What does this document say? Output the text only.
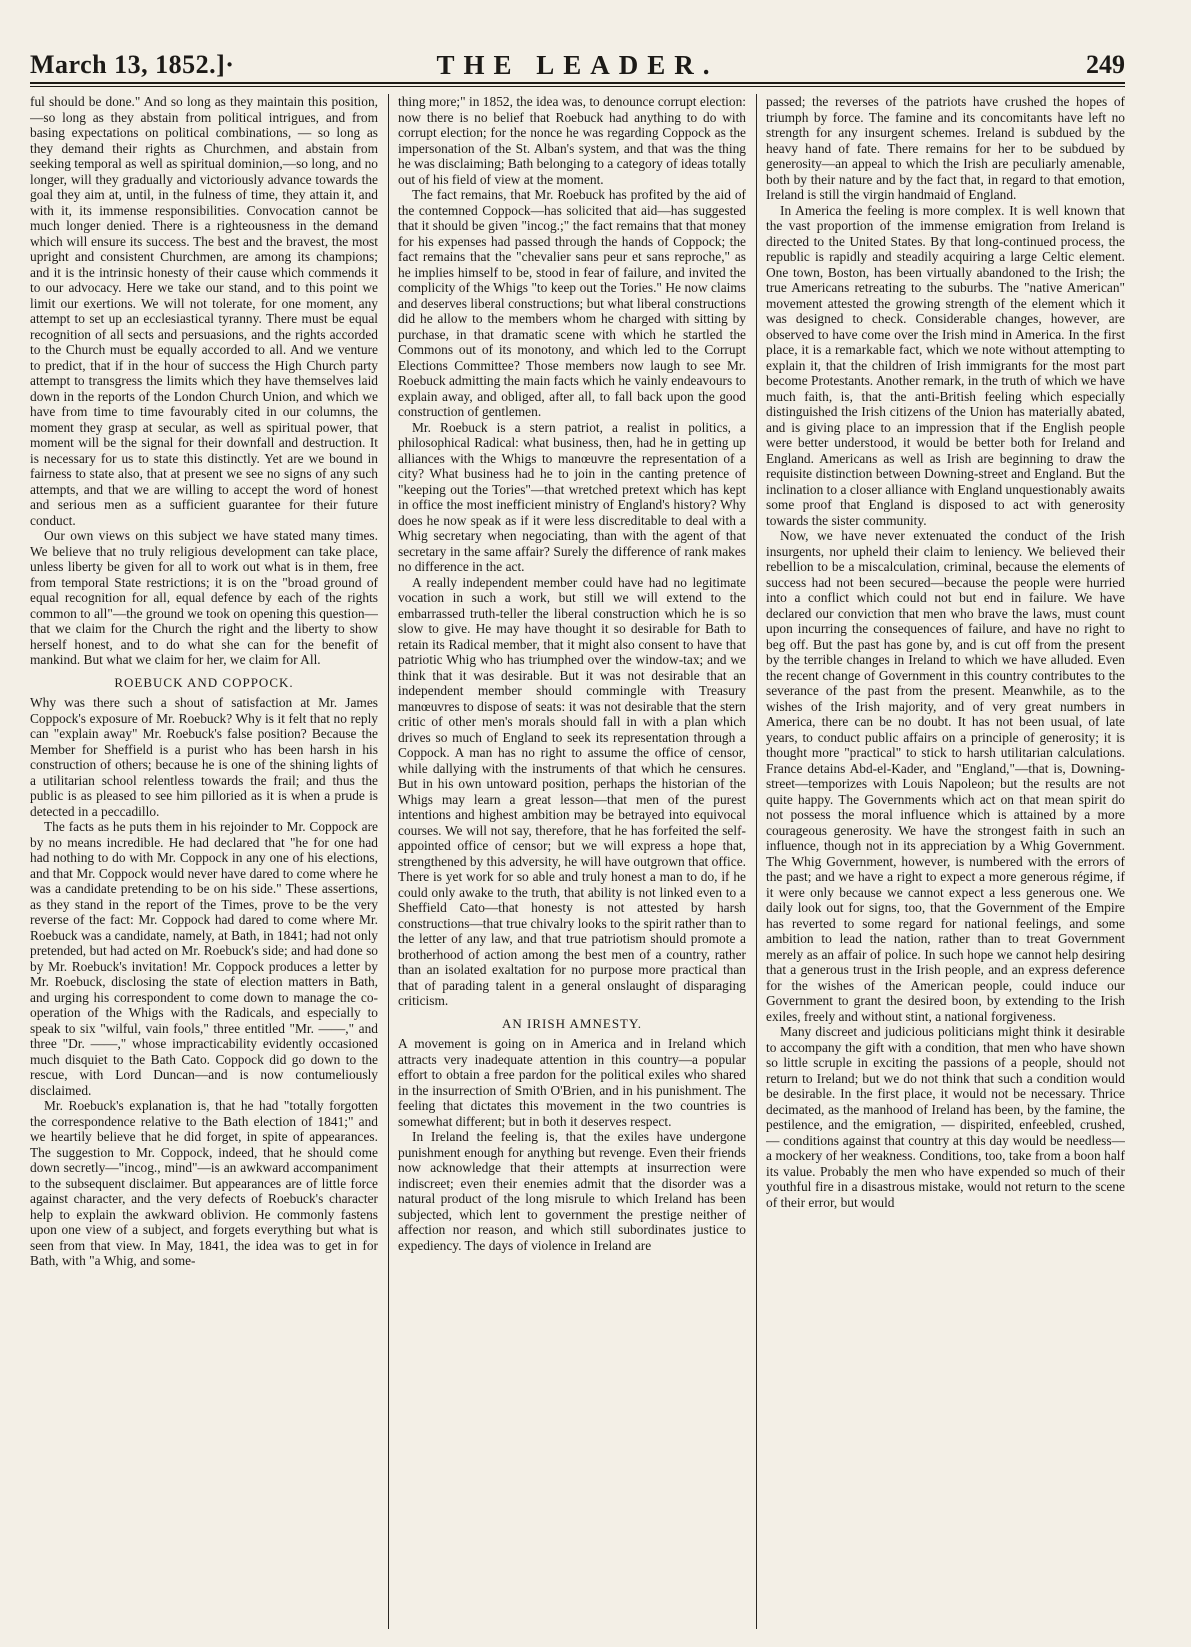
March 13, 1852.]·	THE LEADER.	249

ful should be done." And so long as they maintain this position,—so long as they abstain from political intrigues, and from basing expectations on political combinations, — so long as they demand their rights as Churchmen, and abstain from seeking temporal as well as spiritual dominion,—so long, and no longer, will they gradually and victoriously advance towards the goal they aim at, until, in the fulness of time, they attain it, and with it, its immense responsibilities. Convocation cannot be much longer denied. There is a righteousness in the demand which will ensure its success. The best and the bravest, the most upright and consistent Churchmen, are among its champions; and it is the intrinsic honesty of their cause which commends it to our advocacy. Here we take our stand, and to this point we limit our exertions. We will not tolerate, for one moment, any attempt to set up an ecclesiastical tyranny. There must be equal recognition of all sects and persuasions, and the rights accorded to the Church must be equally accorded to all. And we venture to predict, that if in the hour of success the High Church party attempt to transgress the limits which they have themselves laid down in the reports of the London Church Union, and which we have from time to time favourably cited in our columns, the moment they grasp at secular, as well as spiritual power, that moment will be the signal for their downfall and destruction. It is necessary for us to state this distinctly. Yet are we bound in fairness to state also, that at present we see no signs of any such attempts, and that we are willing to accept the word of honest and serious men as a sufficient guarantee for their future conduct.

Our own views on this subject we have stated many times. We believe that no truly religious development can take place, unless liberty be given for all to work out what is in them, free from temporal State restrictions; it is on the "broad ground of equal recognition for all, equal defence by each of the rights common to all"—the ground we took on opening this question—that we claim for the Church the right and the liberty to show herself honest, and to do what she can for the benefit of mankind. But what we claim for her, we claim for All.

ROEBUCK AND COPPOCK.

Why was there such a shout of satisfaction at Mr. James Coppock's exposure of Mr. Roebuck? Why is it felt that no reply can "explain away" Mr. Roebuck's false position? Because the Member for Sheffield is a purist who has been harsh in his construction of others; because he is one of the shining lights of a utilitarian school relentless towards the frail; and thus the public is as pleased to see him pilloried as it is when a prude is detected in a peccadillo.

The facts as he puts them in his rejoinder to Mr. Coppock are by no means incredible. He had declared that "he for one had had nothing to do with Mr. Coppock in any one of his elections, and that Mr. Coppock would never have dared to come where he was a candidate pretending to be on his side." These assertions, as they stand in the report of the Times, prove to be the very reverse of the fact: Mr. Coppock had dared to come where Mr. Roebuck was a candidate, namely, at Bath, in 1841; had not only pretended, but had acted on Mr. Roebuck's side; and had done so by Mr. Roebuck's invitation! Mr. Coppock produces a letter by Mr. Roebuck, disclosing the state of election matters in Bath, and urging his correspondent to come down to manage the co-operation of the Whigs with the Radicals, and especially to speak to six "wilful, vain fools," three entitled "Mr. ——," and three "Dr. ——," whose impracticability evidently occasioned much disquiet to the Bath Cato. Coppock did go down to the rescue, with Lord Duncan—and is now contumeliously disclaimed.

Mr. Roebuck's explanation is, that he had "totally forgotten the correspondence relative to the Bath election of 1841;" and we heartily believe that he did forget, in spite of appearances. The suggestion to Mr. Coppock, indeed, that he should come down secretly—"incog., mind"—is an awkward accompaniment to the subsequent disclaimer. But appearances are of little force against character, and the very defects of Roebuck's character help to explain the awkward oblivion. He commonly fastens upon one view of a subject, and forgets everything but what is seen from that view. In May, 1841, the idea was to get in for Bath, with "a Whig, and some-

thing more;" in 1852, the idea was, to denounce corrupt election: now there is no belief that Roebuck had anything to do with corrupt election; for the nonce he was regarding Coppock as the impersonation of the St. Alban's system, and that was the thing he was disclaiming; Bath belonging to a category of ideas totally out of his field of view at the moment.

The fact remains, that Mr. Roebuck has profited by the aid of the contemned Coppock—has solicited that aid—has suggested that it should be given "incog.;" the fact remains that that money for his expenses had passed through the hands of Coppock; the fact remains that the "chevalier sans peur et sans reproche," as he implies himself to be, stood in fear of failure, and invited the complicity of the Whigs "to keep out the Tories." He now claims and deserves liberal constructions; but what liberal constructions did he allow to the members whom he charged with sitting by purchase, in that dramatic scene with which he startled the Commons out of its monotony, and which led to the Corrupt Elections Committee? Those members now laugh to see Mr. Roebuck admitting the main facts which he vainly endeavours to explain away, and obliged, after all, to fall back upon the good construction of gentlemen.

Mr. Roebuck is a stern patriot, a realist in politics, a philosophical Radical: what business, then, had he in getting up alliances with the Whigs to manœuvre the representation of a city? What business had he to join in the canting pretence of "keeping out the Tories"—that wretched pretext which has kept in office the most inefficient ministry of England's history? Why does he now speak as if it were less discreditable to deal with a Whig secretary when negociating, than with the agent of that secretary in the same affair? Surely the difference of rank makes no difference in the act.

A really independent member could have had no legitimate vocation in such a work, but still we will extend to the embarrassed truth-teller the liberal construction which he is so slow to give. He may have thought it so desirable for Bath to retain its Radical member, that it might also consent to have that patriotic Whig who has triumphed over the window-tax; and we think that it was desirable. But it was not desirable that an independent member should commingle with Treasury manœuvres to dispose of seats: it was not desirable that the stern critic of other men's morals should fall in with a plan which drives so much of England to seek its representation through a Coppock. A man has no right to assume the office of censor, while dallying with the instruments of that which he censures. But in his own untoward position, perhaps the historian of the Whigs may learn a great lesson—that men of the purest intentions and highest ambition may be betrayed into equivocal courses. We will not say, therefore, that he has forfeited the self-appointed office of censor; but we will express a hope that, strengthened by this adversity, he will have outgrown that office. There is yet work for so able and truly honest a man to do, if he could only awake to the truth, that ability is not linked even to a Sheffield Cato—that honesty is not attested by harsh constructions—that true chivalry looks to the spirit rather than to the letter of any law, and that true patriotism should promote a brotherhood of action among the best men of a country, rather than an isolated exaltation for no purpose more practical than that of parading talent in a general onslaught of disparaging criticism.

AN IRISH AMNESTY.

A movement is going on in America and in Ireland which attracts very inadequate attention in this country—a popular effort to obtain a free pardon for the political exiles who shared in the insurrection of Smith O'Brien, and in his punishment. The feeling that dictates this movement in the two countries is somewhat different; but in both it deserves respect.

In Ireland the feeling is, that the exiles have undergone punishment enough for anything but revenge. Even their friends now acknowledge that their attempts at insurrection were indiscreet; even their enemies admit that the disorder was a natural product of the long misrule to which Ireland has been subjected, which lent to government the prestige neither of affection nor reason, and which still subordinates justice to expediency. The days of violence in Ireland are

passed; the reverses of the patriots have crushed the hopes of triumph by force. The famine and its concomitants have left no strength for any insurgent schemes. Ireland is subdued by the heavy hand of fate. There remains for her to be subdued by generosity—an appeal to which the Irish are peculiarly amenable, both by their nature and by the fact that, in regard to that emotion, Ireland is still the virgin handmaid of England.

In America the feeling is more complex. It is well known that the vast proportion of the immense emigration from Ireland is directed to the United States. By that long-continued process, the republic is rapidly and steadily acquiring a large Celtic element. One town, Boston, has been virtually abandoned to the Irish; the true Americans retreating to the suburbs. The "native American" movement attested the growing strength of the element which it was designed to check. Considerable changes, however, are observed to have come over the Irish mind in America. In the first place, it is a remarkable fact, which we note without attempting to explain it, that the children of Irish immigrants for the most part become Protestants. Another remark, in the truth of which we have much faith, is, that the anti-British feeling which especially distinguished the Irish citizens of the Union has materially abated, and is giving place to an impression that if the English people were better understood, it would be better both for Ireland and England. Americans as well as Irish are beginning to draw the requisite distinction between Downing-street and England. But the inclination to a closer alliance with England unquestionably awaits some proof that England is disposed to act with generosity towards the sister community.

Now, we have never extenuated the conduct of the Irish insurgents, nor upheld their claim to leniency. We believed their rebellion to be a miscalculation, criminal, because the elements of success had not been secured—because the people were hurried into a conflict which could not but end in failure. We have declared our conviction that men who brave the laws, must count upon incurring the consequences of failure, and have no right to beg off. But the past has gone by, and is cut off from the present by the terrible changes in Ireland to which we have alluded. Even the recent change of Government in this country contributes to the severance of the past from the present. Meanwhile, as to the wishes of the Irish majority, and of very great numbers in America, there can be no doubt. It has not been usual, of late years, to conduct public affairs on a principle of generosity; it is thought more "practical" to stick to harsh utilitarian calculations. France detains Abd-el-Kader, and "England,"—that is, Downing-street—temporizes with Louis Napoleon; but the results are not quite happy. The Governments which act on that mean spirit do not possess the moral influence which is attained by a more courageous generosity. We have the strongest faith in such an influence, though not in its appreciation by a Whig Government. The Whig Government, however, is numbered with the errors of the past; and we have a right to expect a more generous régime, if it were only because we cannot expect a less generous one. We daily look out for signs, too, that the Government of the Empire has reverted to some regard for national feelings, and some ambition to lead the nation, rather than to treat Government merely as an affair of police. In such hope we cannot help desiring that a generous trust in the Irish people, and an express deference for the wishes of the American people, could induce our Government to grant the desired boon, by extending to the Irish exiles, freely and without stint, a national forgiveness.

Many discreet and judicious politicians might think it desirable to accompany the gift with a condition, that men who have shown so little scruple in exciting the passions of a people, should not return to Ireland; but we do not think that such a condition would be desirable. In the first place, it would not be necessary. Thrice decimated, as the manhood of Ireland has been, by the famine, the pestilence, and the emigration, — dispirited, enfeebled, crushed, — conditions against that country at this day would be needless—a mockery of her weakness. Conditions, too, take from a boon half its value. Probably the men who have expended so much of their youthful fire in a disastrous mistake, would not return to the scene of their error, but would
